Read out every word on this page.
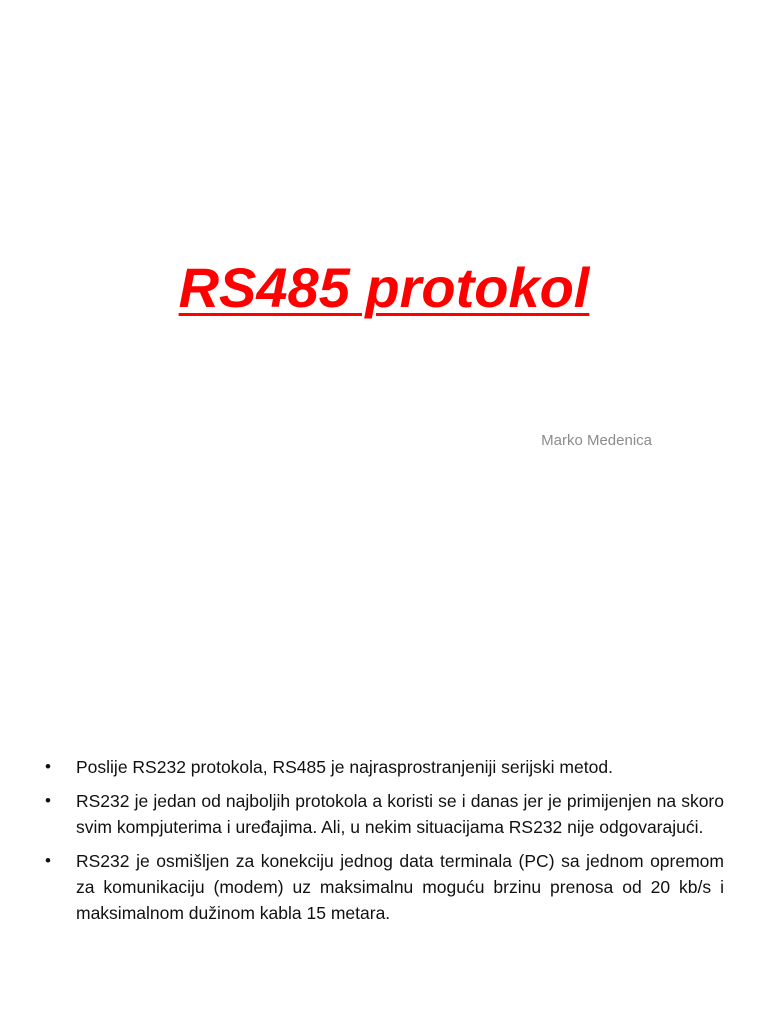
RS485 protokol
Marko Medenica
• Poslije RS232 protokola, RS485 je najrasprostranjeniji serijski metod.
• RS232 je jedan od najboljih protokola a koristi se i danas jer je primijenjen na skoro svim kompjuterima i uređajima. Ali, u nekim situacijama RS232 nije odgovarajući.
• RS232 je osmišljen za konekciju jednog data terminala (PC) sa jednom opremom za komunikaciju (modem) uz maksimalnu moguću brzinu prenosa od 20 kb/s i maksimalnom dužinom kabla 15 metara.
